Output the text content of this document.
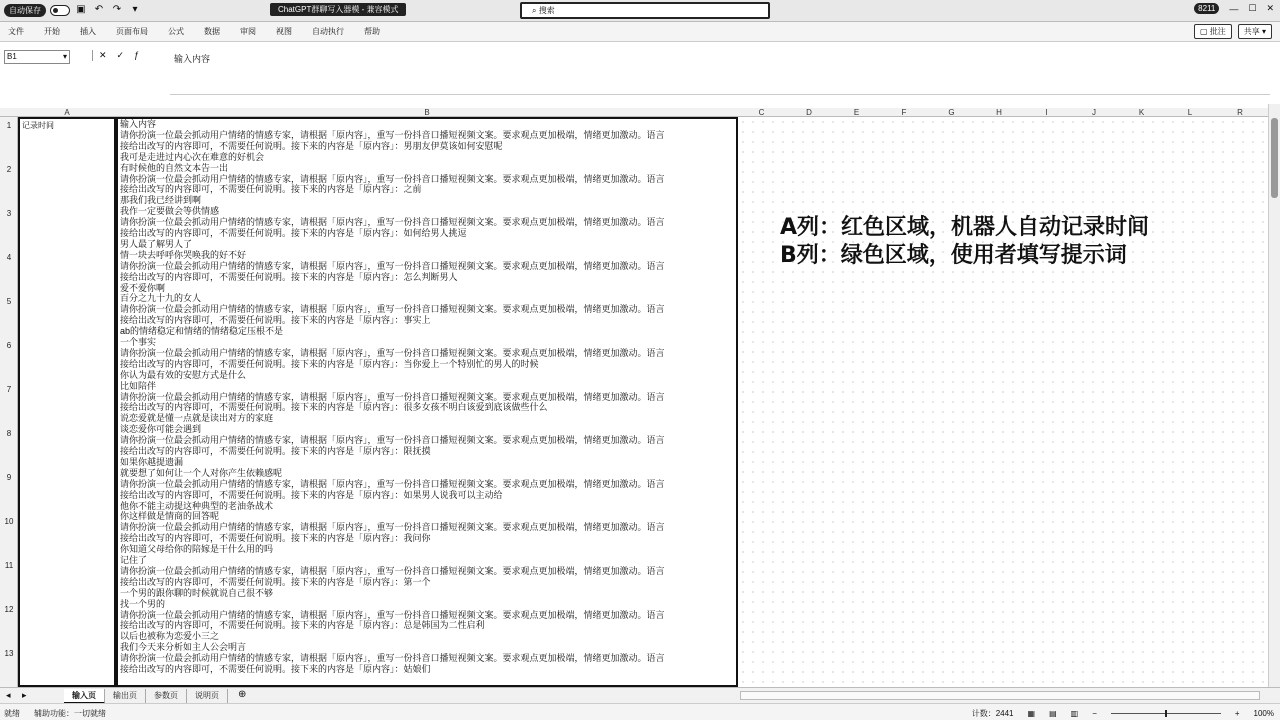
自动保存	▣ ↶ ↷	▾	ChatGPT群聊写入器模 - 兼容模式	⌕ 搜索	8211	— ☐ ✕
文件	开始	插入	页面布局	公式	数据	审阅	视图	自动执行	帮助	▢ 批注	共享 ▾
B1	▾	✕ ✓ ƒ	输入内容
A	B	C	D	E	F	G	H	I	J	K	L	R
1
2
3
4
5
6
7
8
9
10
11
12
13
记录时间	输入内容
请你扮演一位最会抓动用户情绪的情感专家，请根据「原内容」，重写一份抖音口播短视频文案。要求观点更加极端，情绪更加激动。语言
接给出改写的内容即可，不需要任何说明。接下来的内容是「原内容」：男朋友伊莫该如何安慰呢
我可是走进过内心次在难意的好机会
有时候他的自然文本告一出
请你扮演一位最会抓动用户情绪的情感专家，请根据「原内容」，重写一份抖音口播短视频文案。要求观点更加极端，情绪更加激动。语言
接给出改写的内容即可，不需要任何说明。接下来的内容是「原内容」：之前
那我们我已经讲到啊
我作一定要做会等供情感
请你扮演一位最会抓动用户情绪的情感专家，请根据「原内容」，重写一份抖音口播短视频文案。要求观点更加极端，情绪更加激动。语言
接给出改写的内容即可，不需要任何说明。接下来的内容是「原内容」：如何给男人挑逗
男人最了解男人了
情一块去呼呼你哭唤我的好不好
请你扮演一位最会抓动用户情绪的情感专家，请根据「原内容」，重写一份抖音口播短视频文案。要求观点更加极端，情绪更加激动。语言
接给出改写的内容即可，不需要任何说明。接下来的内容是「原内容」：怎么判断男人
爱不爱你啊
百分之九十九的女人
请你扮演一位最会抓动用户情绪的情感专家，请根据「原内容」，重写一份抖音口播短视频文案。要求观点更加极端，情绪更加激动。语言
接给出改写的内容即可，不需要任何说明。接下来的内容是「原内容」：事实上
ab的情绪稳定和情绪的情绪稳定压根不是
一个事实
请你扮演一位最会抓动用户情绪的情感专家，请根据「原内容」，重写一份抖音口播短视频文案。要求观点更加极端，情绪更加激动。语言
接给出改写的内容即可，不需要任何说明。接下来的内容是「原内容」：当你爱上一个特别忙的男人的时候
你认为最有效的安慰方式是什么
比如陪伴
请你扮演一位最会抓动用户情绪的情感专家，请根据「原内容」，重写一份抖音口播短视频文案。要求观点更加极端，情绪更加激动。语言
接给出改写的内容即可，不需要任何说明。接下来的内容是「原内容」：很多女孩不明白该爱到底该做些什么
说恋爱就是懂一点就是读出对方的家庭
谈恋爱你可能会遇到
请你扮演一位最会抓动用户情绪的情感专家，请根据「原内容」，重写一份抖音口播短视频文案。要求观点更加极端，情绪更加激动。语言
接给出改写的内容即可，不需要任何说明。接下来的内容是「原内容」：限抚摸
如果你越提遗漏
就要想了如何让一个人对你产生依赖感呢
请你扮演一位最会抓动用户情绪的情感专家，请根据「原内容」，重写一份抖音口播短视频文案。要求观点更加极端，情绪更加激动。语言
接给出改写的内容即可，不需要任何说明。接下来的内容是「原内容」：如果男人说我可以主动给
他你不能主动提这种典型的老油条战术
你这样做是情商的回答呢
请你扮演一位最会抓动用户情绪的情感专家，请根据「原内容」，重写一份抖音口播短视频文案。要求观点更加极端，情绪更加激动。语言
接给出改写的内容即可，不需要任何说明。接下来的内容是「原内容」：我问你
你知道父母给你的陪嫁是干什么用的吗
记住了
请你扮演一位最会抓动用户情绪的情感专家，请根据「原内容」，重写一份抖音口播短视频文案。要求观点更加极端，情绪更加激动。语言
接给出改写的内容即可，不需要任何说明。接下来的内容是「原内容」：第一个
一个男的跟你聊的时候就说自己很不够
找一个男的
请你扮演一位最会抓动用户情绪的情感专家，请根据「原内容」，重写一份抖音口播短视频文案。要求观点更加极端，情绪更加激动。语言
接给出改写的内容即可，不需要任何说明。接下来的内容是「原内容」：总是韩国为二性启利
以后也被称为恋爱小三之
我们今天来分析如主人公会明言
请你扮演一位最会抓动用户情绪的情感专家，请根据「原内容」，重写一份抖音口播短视频文案。要求观点更加极端，情绪更加激动。语言
接给出改写的内容即可，不需要任何说明。接下来的内容是「原内容」：姑娘们
A列：红色区域，机器人自动记录时间
B列：绿色区域，使用者填写提示词
◂ ▸	输入页	输出页	参数页	说明页	⊕
就绪 辅助功能：一切就绪	计数：2441 ▦ ▤ ▥ −	+ 100%
